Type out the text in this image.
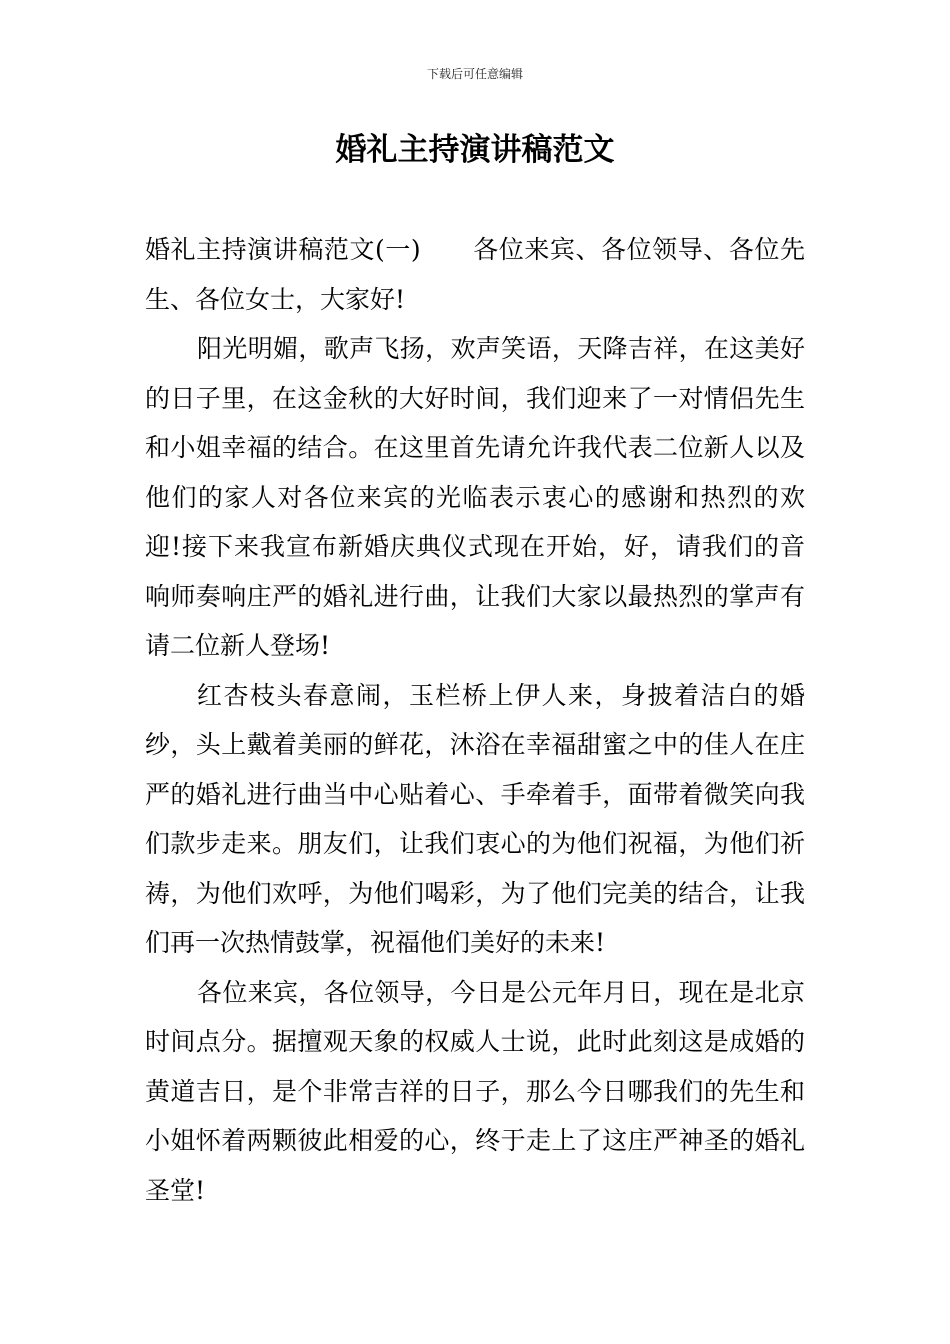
下载后可任意编辑
婚礼主持演讲稿范文

婚礼主持演讲稿范文(一) 各位来宾、各位领导、各位先生、各位女士，大家好!

阳光明媚，歌声飞扬，欢声笑语，天降吉祥，在这美好的日子里，在这金秋的大好时间，我们迎来了一对情侣先生和小姐幸福的结合。在这里首先请允许我代表二位新人以及他们的家人对各位来宾的光临表示衷心的感谢和热烈的欢迎!接下来我宣布新婚庆典仪式现在开始，好，请我们的音响师奏响庄严的婚礼进行曲，让我们大家以最热烈的掌声有请二位新人登场!

红杏枝头春意闹，玉栏桥上伊人来，身披着洁白的婚纱，头上戴着美丽的鲜花，沐浴在幸福甜蜜之中的佳人在庄严的婚礼进行曲当中心贴着心、手牵着手，面带着微笑向我们款步走来。朋友们，让我们衷心的为他们祝福，为他们祈祷，为他们欢呼，为他们喝彩，为了他们完美的结合，让我们再一次热情鼓掌，祝福他们美好的未来!

各位来宾，各位领导，今日是公元年月日，现在是北京时间点分。据擅观天象的权威人士说，此时此刻这是成婚的黄道吉日，是个非常吉祥的日子，那么今日哪我们的先生和小姐怀着两颗彼此相爱的心，终于走上了这庄严神圣的婚礼圣堂!
